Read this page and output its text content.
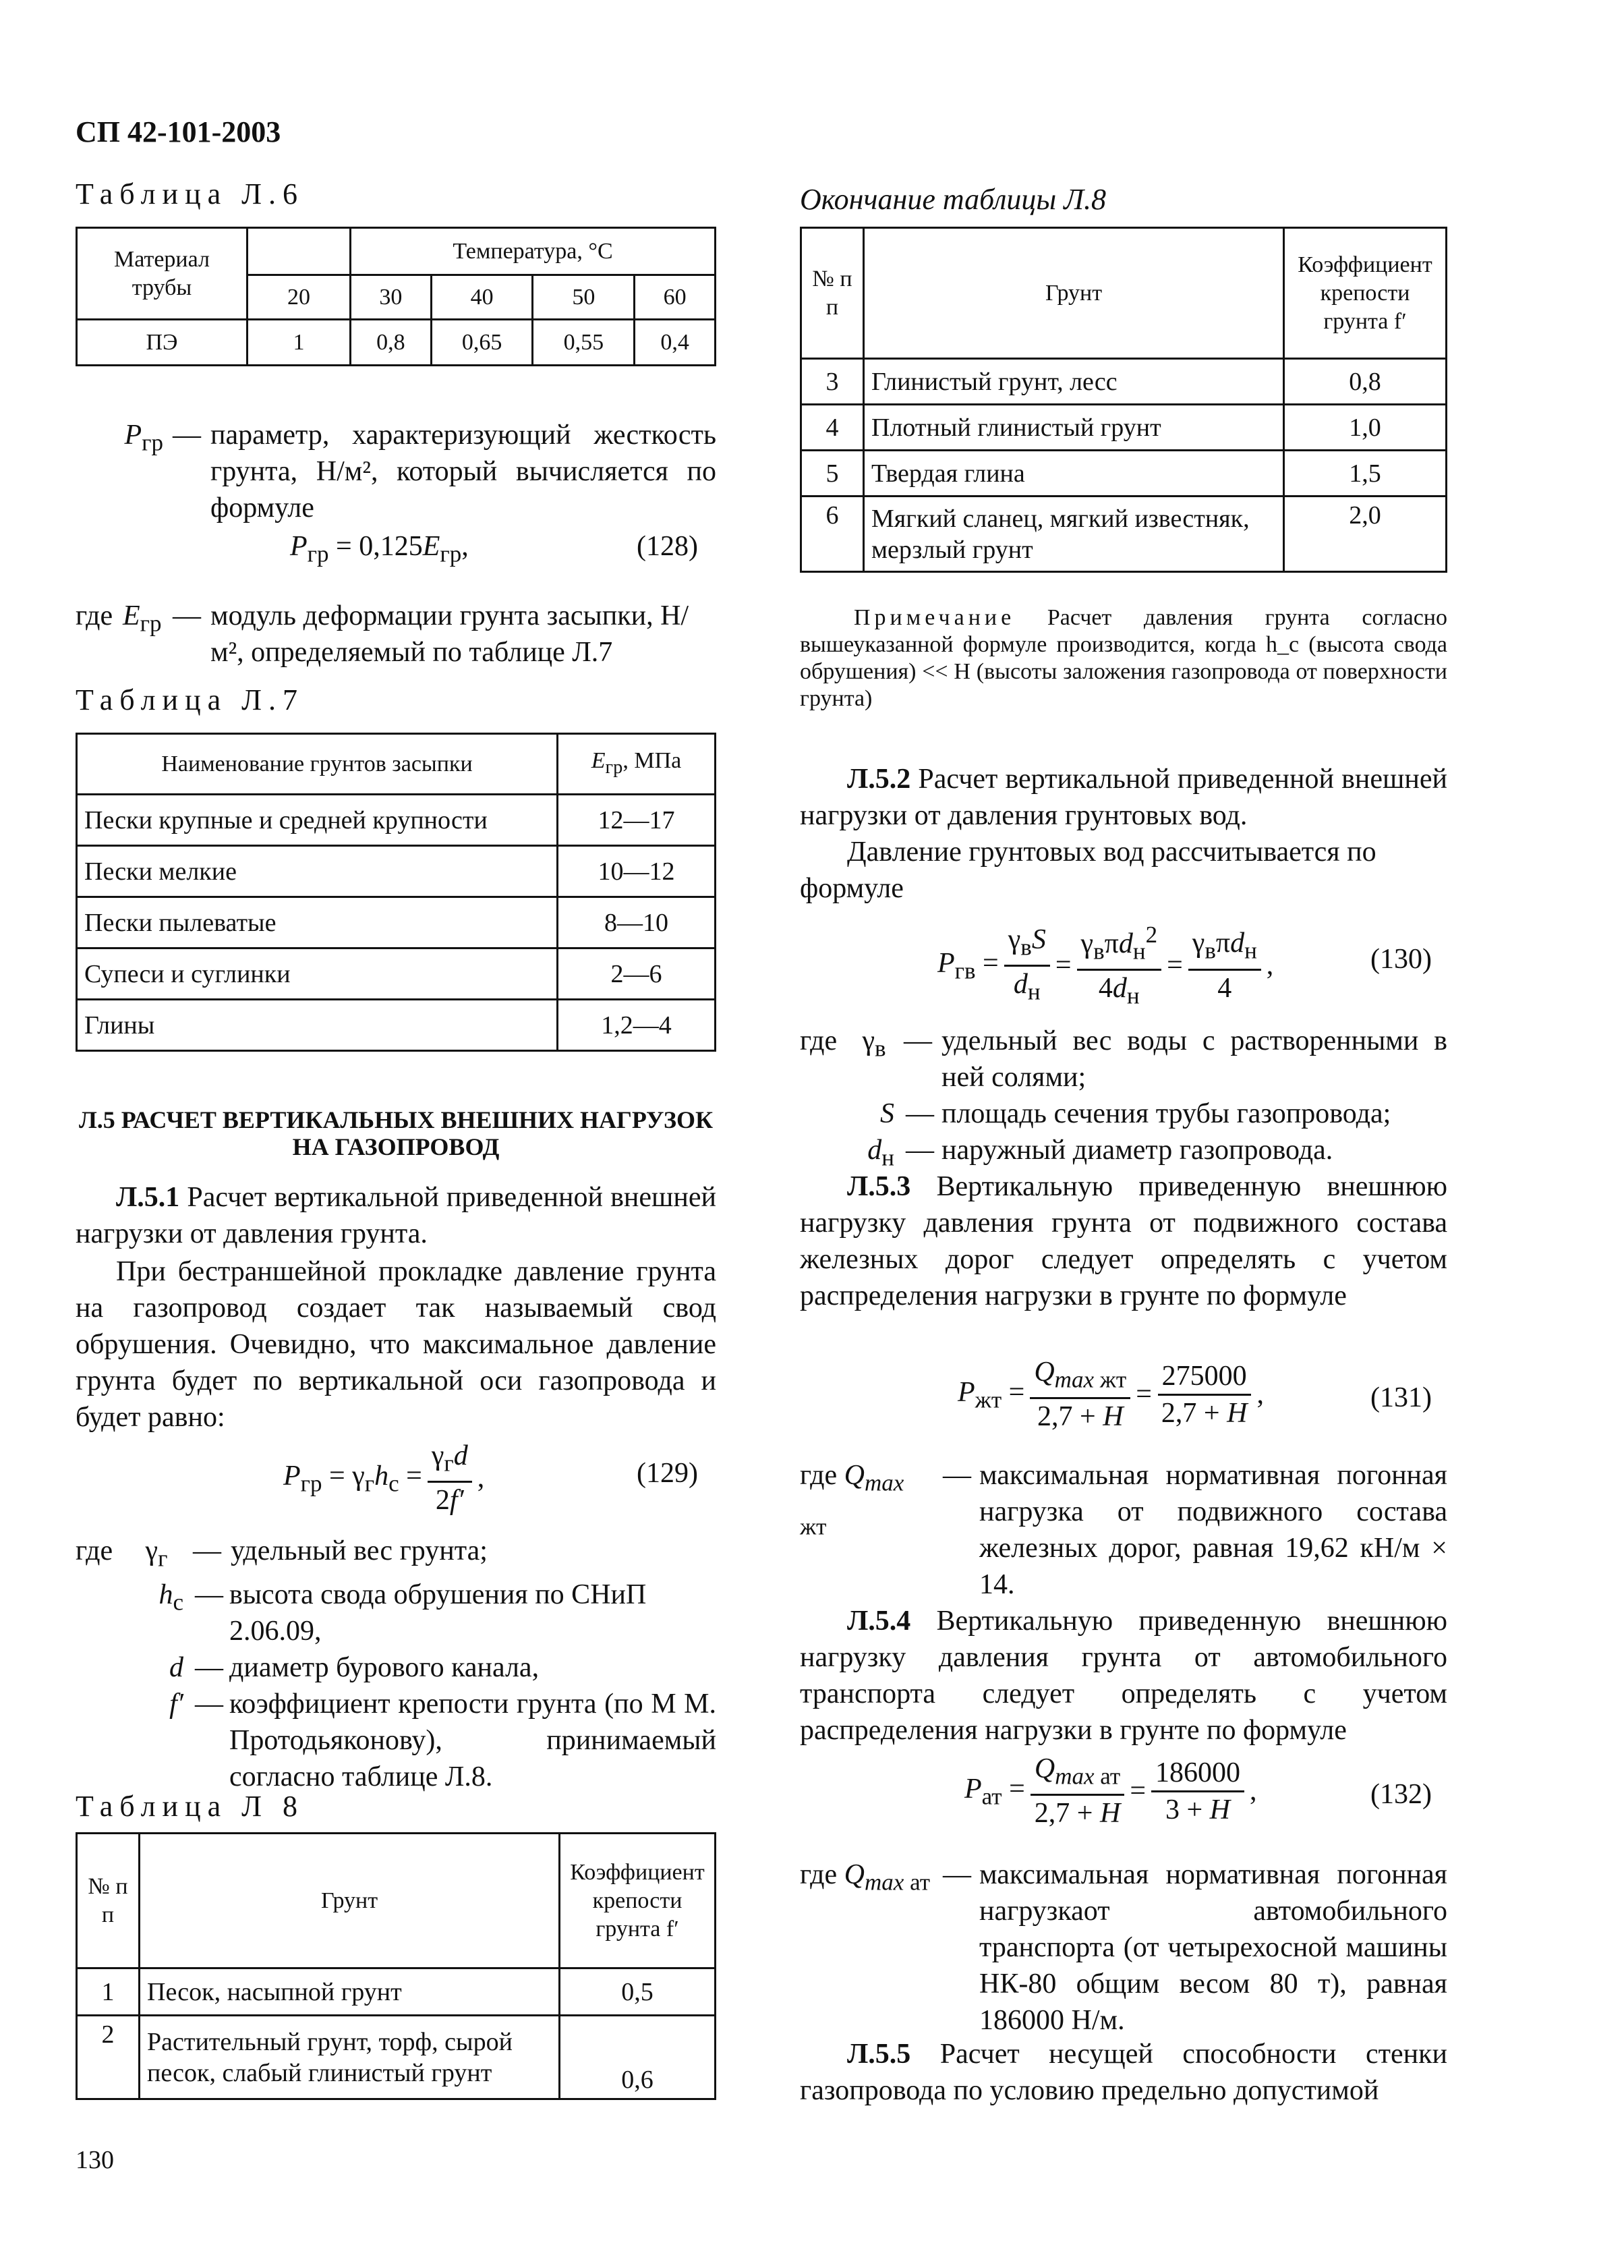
СП 42-101-2003
Таблица Л.6
Материал трубы		Температура, °С			
	20	30	40	50	60
ПЭ	1	0,8	0,65	0,55	0,4
$P_{гр}$ — параметр, характеризующий жесткость грунта, Н/м², который вычисляется по формуле
$P_{гр} = 0,125E_{гр}$,	(128)
где $E_{гр}$ — модуль деформации грунта засыпки, Н/м², определяемый по таблице Л.7
Таблица Л.7
Наименование грунтов засыпки	$E_{гр}$, МПа
Пески крупные и средней крупности	12—17
Пески мелкие	10—12
Пески пылеватые	8—10
Супеси и суглинки	2—6
Глины	1,2—4
Л.5 РАСЧЕТ ВЕРТИКАЛЬНЫХ ВНЕШНИХ НАГРУЗОК
НА ГАЗОПРОВОД
Л.5.1 Расчет вертикальной приведенной внешней нагрузки от давления грунта.
При бестраншейной прокладке давление грунта на газопровод создает так называемый свод обрушения. Очевидно, что максимальное давление грунта будет по вертикальной оси газопровода и будет равно:
$P_{гр} = \gamma_гh_с = \frac{\gamma_гd}{2f'}$ ,	(129)
где	$\gamma_г$ — удельный вес грунта;
$h_с$ — высота свода обрушения по СНиП 2.06.09,
d — диаметр бурового канала,
f′ — коэффициент крепости грунта (по М М. Протодьяконову), принимаемый согласно таблице Л.8.
Таблица Л 8
№ п п	Грунт	Коэффициент крепости грунта f′
1	Песок, насыпной грунт	0,5
2	Растительный грунт, торф, сырой песок, слабый глинистый грунт	0,6
130
Окончание таблицы Л.8
№ п п	Грунт	Коэффициент крепости грунта f′
3	Глинистый грунт, лесс	0,8
4	Плотный глинистый грунт	1,0
5	Твердая глина	1,5
6	Мягкий сланец, мягкий известняк, мерзлый грунт	2,0
Примечание Расчет давления грунта согласно вышеуказанной формуле производится, когда h_с (высота свода обрушения) << H (высоты заложения газопровода от поверхности грунта)
Л.5.2 Расчет вертикальной приведенной внешней нагрузки от давления грунтовых вод.
Давление грунтовых вод рассчитывается по формуле
$P_{гв} = \frac{\gamma_вS}{d_н} = \frac{\gamma_в\pi d_н^2}{4d_н} = \frac{\gamma_в\pi d_н}{4}$ ,	(130)
где $\gamma_в$ — удельный вес воды с растворенными в ней солями;
S — площадь сечения трубы газопровода;
$d_н$ — наружный диаметр газопровода.
Л.5.3 Вертикальную приведенную внешнюю нагрузку давления грунта от подвижного состава железных дорог следует определять с учетом распределения нагрузки в грунте по формуле
$P_{жт} = \frac{Q_{max жт}}{2,7 + H} = \frac{275000}{2,7 + H}$ ,	(131)
где $Q_{max жт}$
— максимальная нормативная погонная нагрузка от подвижного состава железных дорог, равная 19,62 кН/м × 14.
Л.5.4 Вертикальную приведенную внешнюю нагрузку давления грунта от автомобильного транспорта следует определять с учетом распределения нагрузки в грунте по формуле
$P_{ат} = \frac{Q_{max ат}}{2,7 + H} = \frac{186000}{3 + H}$ ,	(132)
где $Q_{max ат}$ — максимальная нормативная погонная нагрузкаот автомобильного транспорта (от четырехосной машины НК-80 общим весом 80 т), равная 186000 Н/м.
Л.5.5 Расчет несущей способности стенки газопровода по условию предельно допустимой
